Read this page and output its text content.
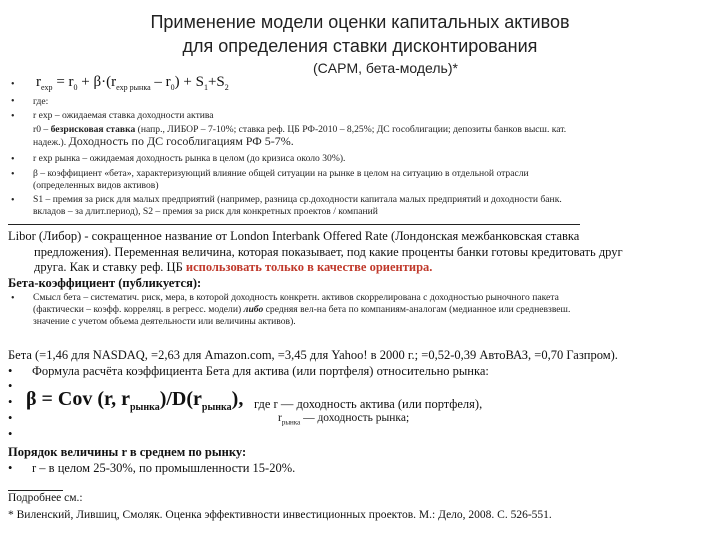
Применение модели оценки капитальных активов
для определения ставки дисконтирования
(CAPM, бета-модель)*
•
•
•
•
•
•
$r_{exp} = r_0 + \beta\cdot(r_{exp рынка} - r_0) + S_1+S_2$
где:
r exp – ожидаемая ставка доходности актива
r0 – безрисковая ставка (напр., ЛИБОР – 7-10%; ставка реф. ЦБ РФ-2010 – 8,25%; ДС гособлигации; депозиты банков высш. кат.
надеж.). Доходность по ДС гособлигациям РФ 5-7%.
r exp рынка – ожидаемая доходность рынка в целом (до кризиса около 30%).
β – коэффициент «бета», характеризующий влияние общей ситуации на рынке в целом на ситуацию в отдельной отрасли
(определенных видов активов)
S1 – премия за риск для малых предприятий (например, разница ср.доходности капитала малых предприятий и доходности банк.
вкладов – за длит.период), S2 – премия за риск для конкретных проектов / компаний
Libor (Либор) - сокращенное название от London Interbank Offered Rate (Лондонская межбанковская ставка
предложения). Переменная величина, которая показывает, под какие проценты банки готовы кредитовать друг
друга. Как и ставку реф. ЦБ использовать только в качестве ориентира.
Бета-коэффициент (публикуется):
• Смысл бета – систематич. риск, мера, в которой доходность конкретн. активов скоррелирована с доходностью рыночного пакета
(фактически – коэфф. корреляц. в регресс. модели) либо средняя вел-на бета по компаниям-аналогам (медианное или средневзвеш.
значение с учетом объема деятельности или величины активов).
Бета (=1,46 для NASDAQ, =2,63 для Amazon.com, =3,45 для Yahoo! в 2000 г.; =0,52-0,39 АвтоВАЗ, =0,70 Газпром).
• Формула расчёта коэффициента Бета для актива (или портфеля) относительно рынка:
•
•
•
•
β = Cov (r, $r_{рынка})/D(r_{рынка})$, где r — доходность актива (или портфеля),
$r_{рынка}$ — доходность рынка;
Порядок величины r в среднем по рынку:
• r – в целом 25-30%, по промышленности 15-20%.
Подробнее см.:
* Виленский, Лившиц, Смоляк. Оценка эффективности инвестиционных проектов. М.: Дело, 2008. С. 526-551.
